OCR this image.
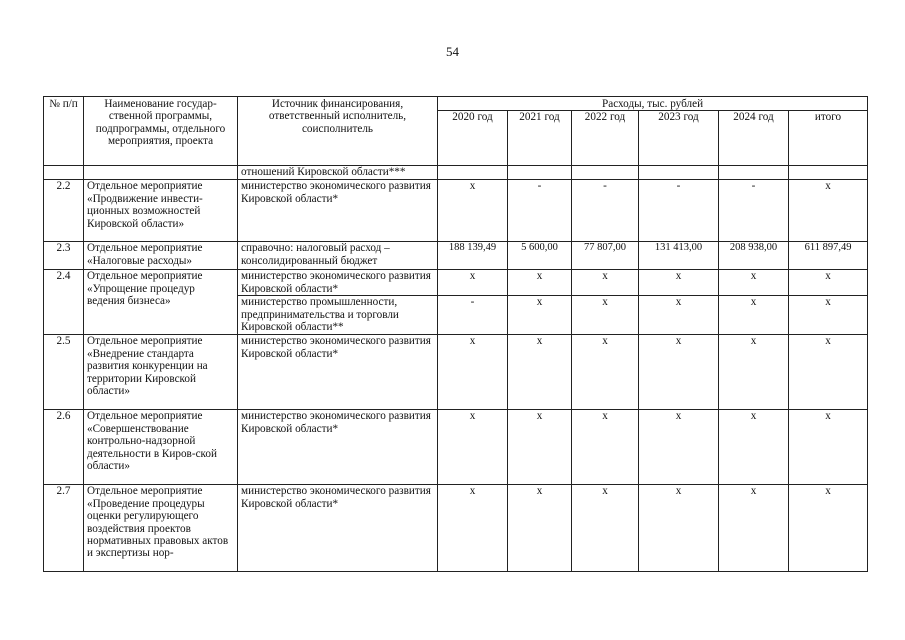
54
№ п/п	Наименование государ-ственной программы, подпрограммы, отдельного мероприятия, проекта	Источник финансирования, ответственный исполнитель, соисполнитель	Расходы, тыс. рублей					
			2020 год	2021 год	2022 год	2023 год	2024 год	итого
		отношений Кировской области***						
2.2	Отдельное мероприятие «Продвижение инвести-ционных возможностей Кировской области»	министерство экономического развития Кировской области*	x	-	-	-	-	x
2.3	Отдельное мероприятие «Налоговые расходы»	справочно: налоговый расход – консолидированный бюджет	188 139,49	5 600,00	77 807,00	131 413,00	208 938,00	611 897,49
2.4	Отдельное мероприятие «Упрощение процедур ведения бизнеса»	министерство экономического развития Кировской области*	x	x	x	x	x	x
		министерство промышленности, предпринимательства и торговли Кировской области**	-	x	x	x	x	x
2.5	Отдельное мероприятие «Внедрение стандарта развития конкуренции на территории Кировской области»	министерство экономического развития Кировской области*	x	x	x	x	x	x
2.6	Отдельное мероприятие «Совершенствование контрольно-надзорной деятельности в Киров-ской области»	министерство экономического развития Кировской области*	x	x	x	x	x	x
2.7	Отдельное мероприятие «Проведение процедуры оценки регулирующего воздействия проектов нормативных правовых актов и экспертизы нор-	министерство экономического развития Кировской области*	x	x	x	x	x	x
